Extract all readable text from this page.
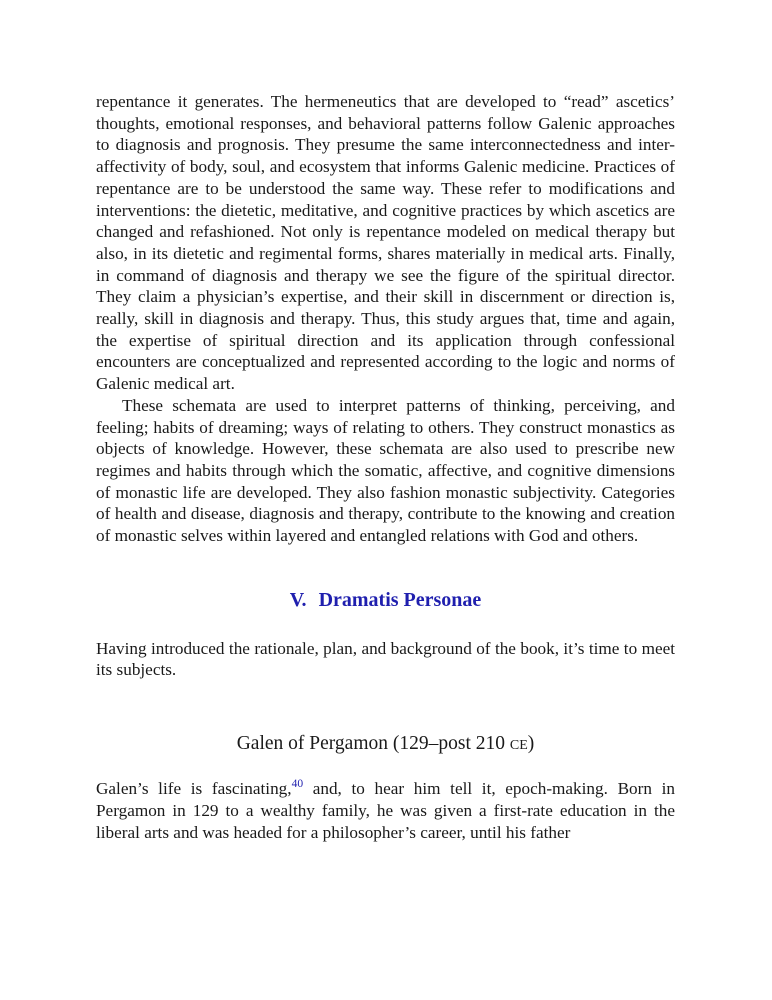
repentance it generates. The hermeneutics that are developed to “read” ascetics’ thoughts, emotional responses, and behavioral patterns follow Galenic approaches to diagnosis and prognosis. They presume the same interconnectedness and inter-affectivity of body, soul, and ecosystem that informs Galenic medicine. Practices of repentance are to be understood the same way. These refer to modifications and interventions: the dietetic, meditative, and cognitive practices by which ascetics are changed and refashioned. Not only is repentance modeled on medical therapy but also, in its dietetic and regimental forms, shares materially in medical arts. Finally, in command of diagnosis and therapy we see the figure of the spiritual director. They claim a physician’s expertise, and their skill in discernment or direction is, really, skill in diagnosis and therapy. Thus, this study argues that, time and again, the expertise of spiritual direction and its application through confessional encounters are conceptualized and represented according to the logic and norms of Galenic medical art.

These schemata are used to interpret patterns of thinking, perceiving, and feeling; habits of dreaming; ways of relating to others. They construct monastics as objects of knowledge. However, these schemata are also used to prescribe new regimes and habits through which the somatic, affective, and cognitive dimensions of monastic life are developed. They also fashion monastic subjectivity. Categories of health and disease, diagnosis and therapy, contribute to the knowing and creation of monastic selves within layered and entangled relations with God and others.

V. Dramatis Personae

Having introduced the rationale, plan, and background of the book, it’s time to meet its subjects.

Galen of Pergamon (129–post 210 CE)

Galen’s life is fascinating,$^{40}$ and, to hear him tell it, epoch-making. Born in Pergamon in 129 to a wealthy family, he was given a first-rate education in the liberal arts and was headed for a philosopher’s career, until his father
